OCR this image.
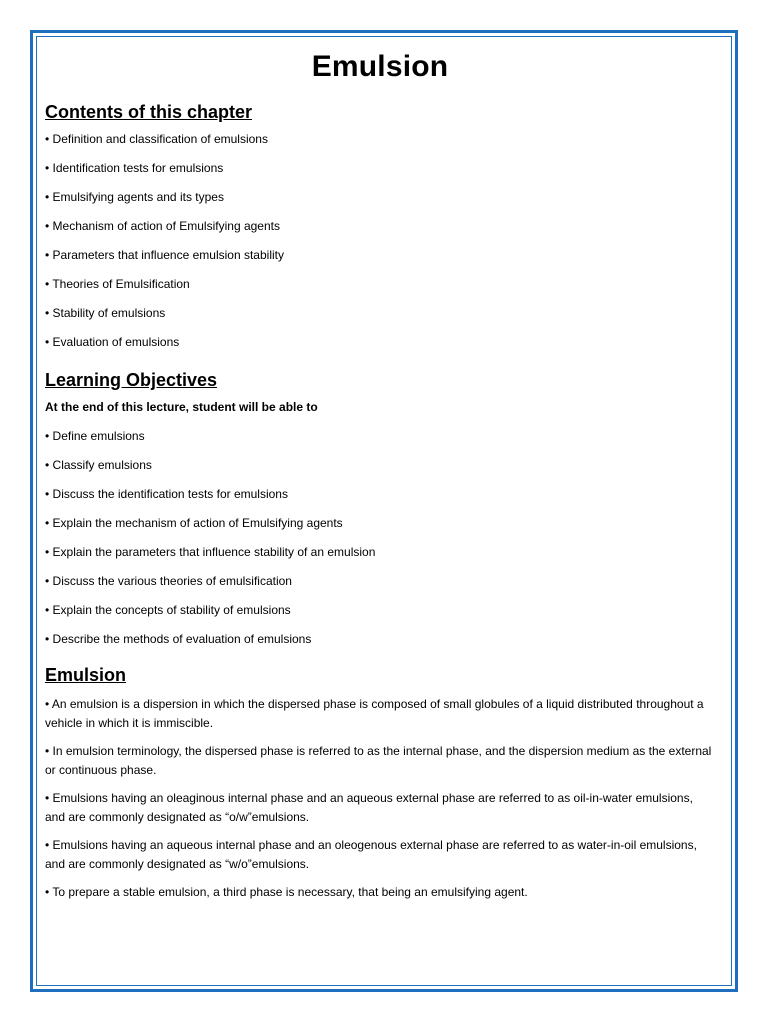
Emulsion
Contents of this chapter
• Definition and classification of emulsions
• Identification tests for emulsions
• Emulsifying agents and its types
• Mechanism of action of Emulsifying agents
• Parameters that influence emulsion stability
• Theories of Emulsification
• Stability of emulsions
• Evaluation of emulsions
Learning Objectives

At the end of this lecture, student will be able to

• Define emulsions
• Classify emulsions
• Discuss the identification tests for emulsions
• Explain the mechanism of action of Emulsifying agents
• Explain the parameters that influence stability of an emulsion
• Discuss the various theories of emulsification
• Explain the concepts of stability of emulsions
• Describe the methods of evaluation of emulsions
Emulsion

• An emulsion is a dispersion in which the dispersed phase is composed of small globules of a liquid distributed throughout a vehicle in which it is immiscible.

• In emulsion terminology, the dispersed phase is referred to as the internal phase, and the dispersion medium as the external or continuous phase.

• Emulsions having an oleaginous internal phase and an aqueous external phase are referred to as oil-in-water emulsions, and are commonly designated as “o/w”emulsions.

• Emulsions having an aqueous internal phase and an oleogenous external phase are referred to as water-in-oil emulsions, and are commonly designated as “w/o”emulsions.

• To prepare a stable emulsion, a third phase is necessary, that being an emulsifying agent.
